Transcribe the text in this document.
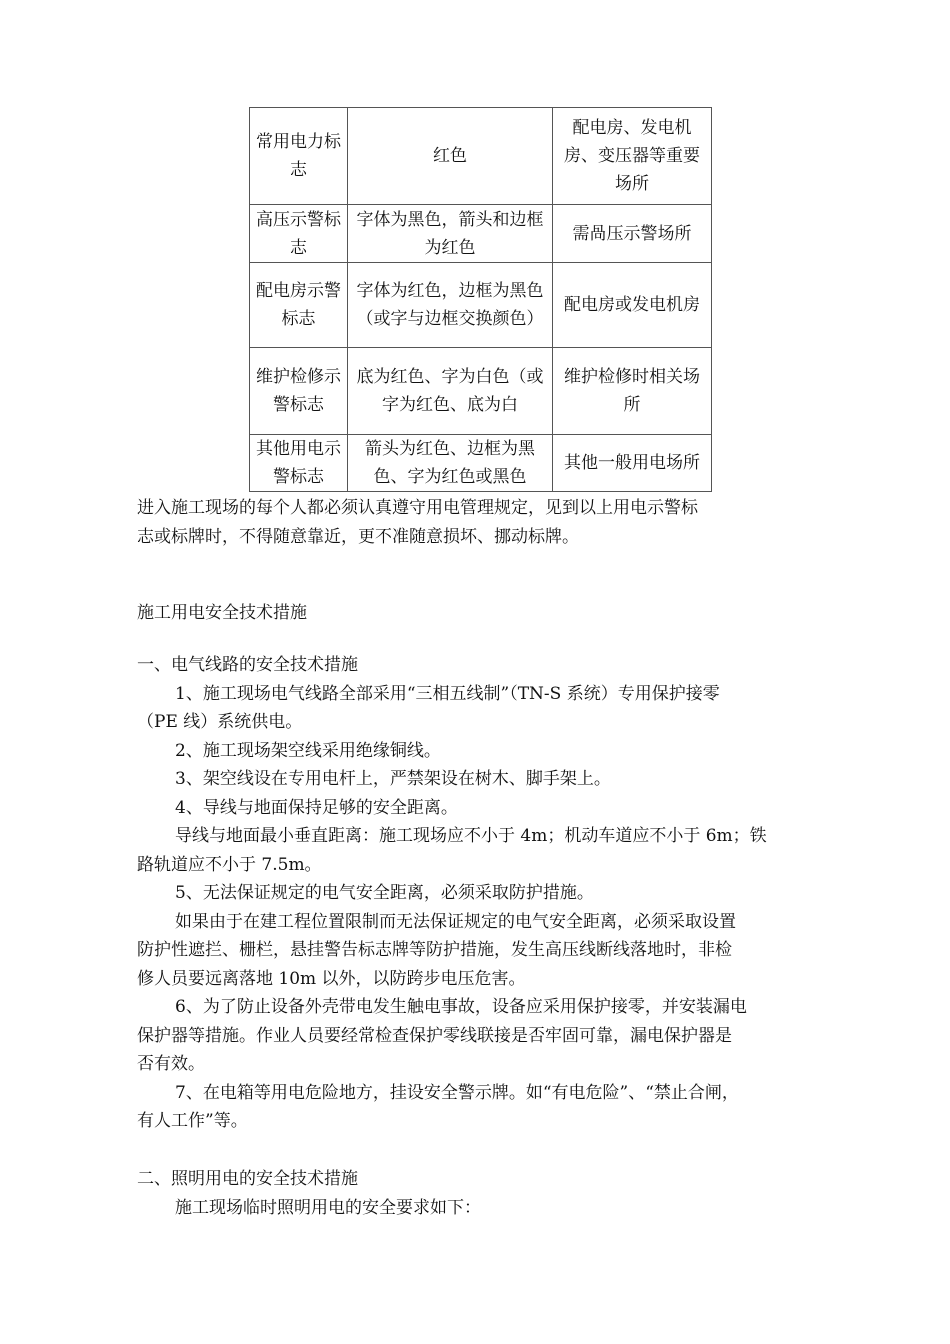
常用电力标志	红色	配电房、发电机房、变压器等重要场所
高压示警标志	字体为黑色，箭头和边框为红色	需咼压示警场所
配电房示警标志	字体为红色，边框为黑色（或字与边框交换颜色）	配电房或发电机房
维护检修示警标志	底为红色、字为白色（或字为红色、底为白	维护检修时相关场所
其他用电示警标志	箭头为红色、边框为黑色、字为红色或黑色	其他一般用电场所
进入施工现场的每个人都必须认真遵守用电管理规定，见到以上用电示警标
志或标牌时，不得随意靠近，更不准随意损坏、挪动标牌。
施工用电安全技术措施
一、电气线路的安全技术措施
1、施工现场电气线路全部采用“三相五线制”（TN-S 系统）专用保护接零
（PE 线）系统供电。
2、施工现场架空线采用绝缘铜线。
3、架空线设在专用电杆上，严禁架设在树木、脚手架上。
4、导线与地面保持足够的安全距离。
导线与地面最小垂直距离：施工现场应不小于 4m；机动车道应不小于 6m；铁
路轨道应不小于 7.5m。
5、无法保证规定的电气安全距离，必须采取防护措施。
如果由于在建工程位置限制而无法保证规定的电气安全距离，必须采取设置
防护性遮拦、栅栏，悬挂警告标志牌等防护措施，发生高压线断线落地时，非检
修人员要远离落地 10m 以外，以防跨步电压危害。
6、为了防止设备外壳带电发生触电事故，设备应采用保护接零，并安装漏电
保护器等措施。作业人员要经常检查保护零线联接是否牢固可靠，漏电保护器是
否有效。
7、在电箱等用电危险地方，挂设安全警示牌。如“有电危险”、“禁止合闸，
有人工作”等。
二、照明用电的安全技术措施
施工现场临时照明用电的安全要求如下：
